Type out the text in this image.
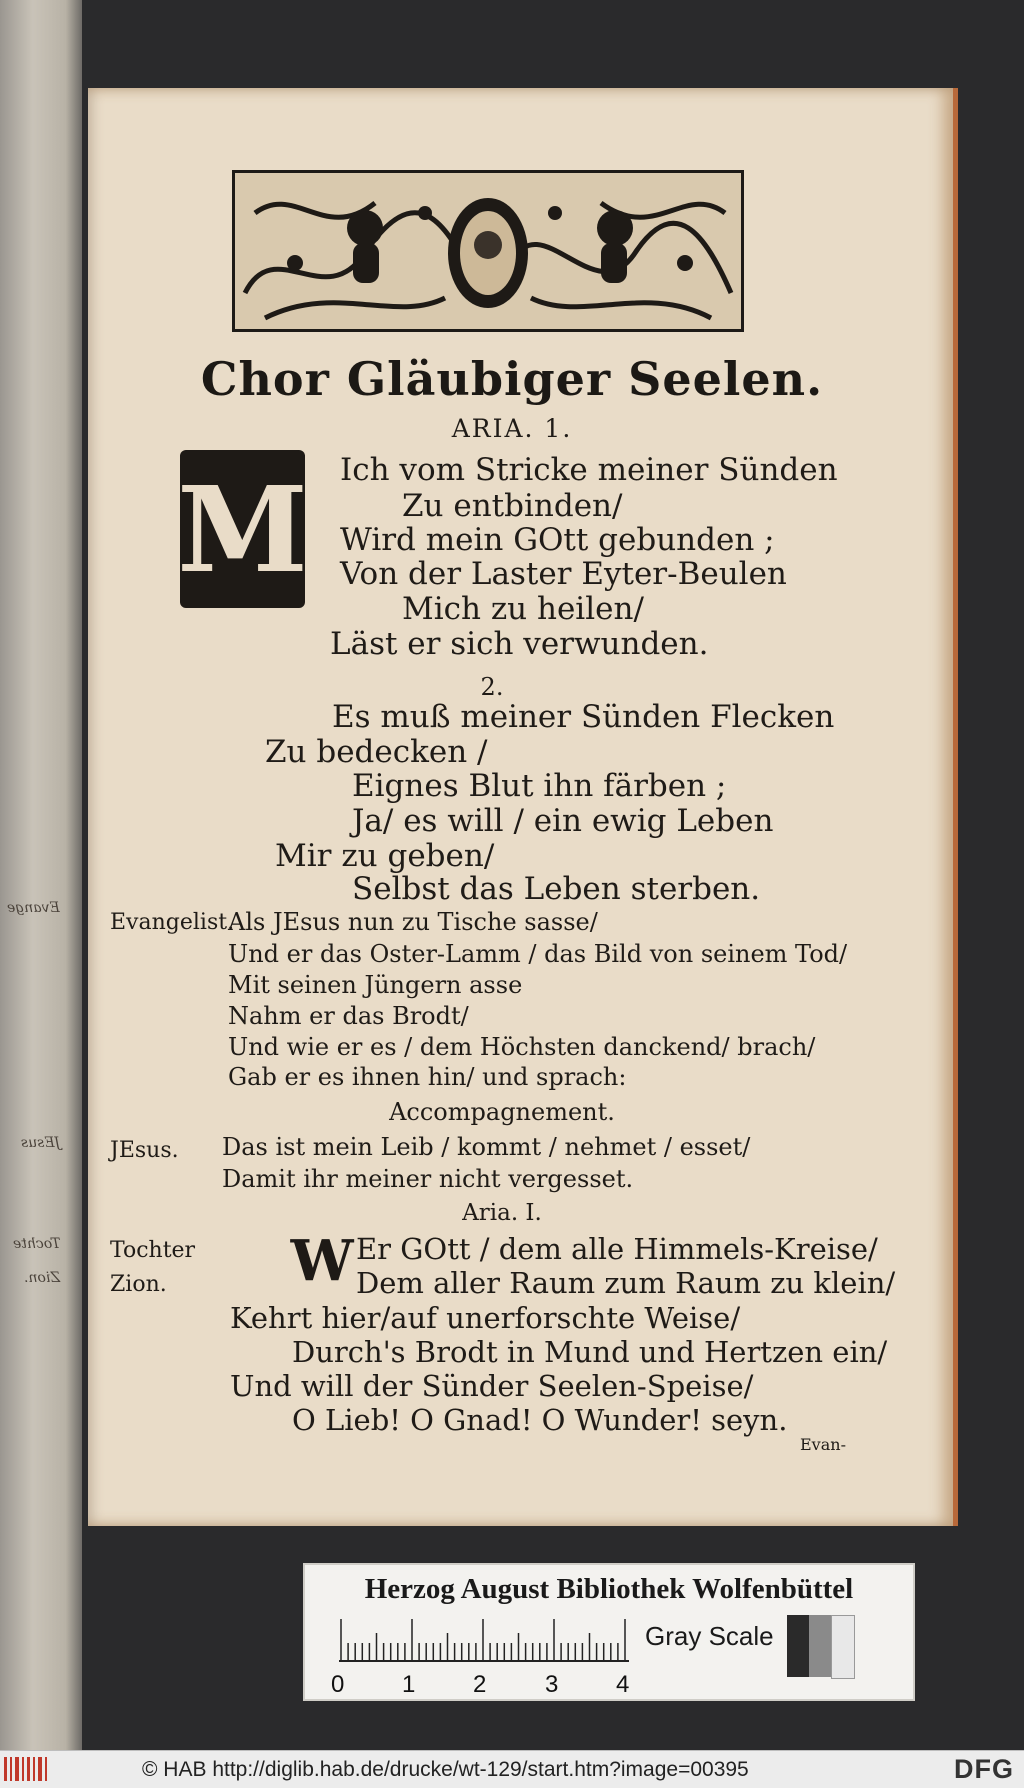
Evange
JEsus
Tochte
Zion.
Chor Gläubiger Seelen.
ARIA. 1.
M Ich vom Stricke meiner Sünden
Zu entbinden/
Wird mein GOtt gebunden ;
Von der Laster Eyter-Beulen
Mich zu heilen/
Läst er sich verwunden.
2.
Es muß meiner Sünden Flecken
Zu bedecken /
Eignes Blut ihn färben ;
Ja/ es will / ein ewig Leben
Mir zu geben/
Selbst das Leben sterben.
Evangelist.
Als JEsus nun zu Tische sasse/
Und er das Oster-Lamm / das Bild von seinem Tod/
Mit seinen Jüngern asse
Nahm er das Brodt/
Und wie er es / dem Höchsten danckend/ brach/
Gab er es ihnen hin/ und sprach:
Accompagnement.
JEsus. Das ist mein Leib / kommt / nehmet / esset/
Damit ihr meiner nicht vergesset.
Aria. I.
Tochter
Zion. W Er GOtt / dem alle Himmels-Kreise/
Dem aller Raum zum Raum zu klein/
Kehrt hier/auf unerforschte Weise/
Durch's Brodt in Mund und Hertzen ein/
Und will der Sünder Seelen-Speise/
O Lieb! O Gnad! O Wunder! seyn.
Evan-
Herzog August Bibliothek Wolfenbüttel
0 1 2 3 4
Gray Scale
© HAB http://diglib.hab.de/drucke/wt-129/start.htm?image=00395	DFG
